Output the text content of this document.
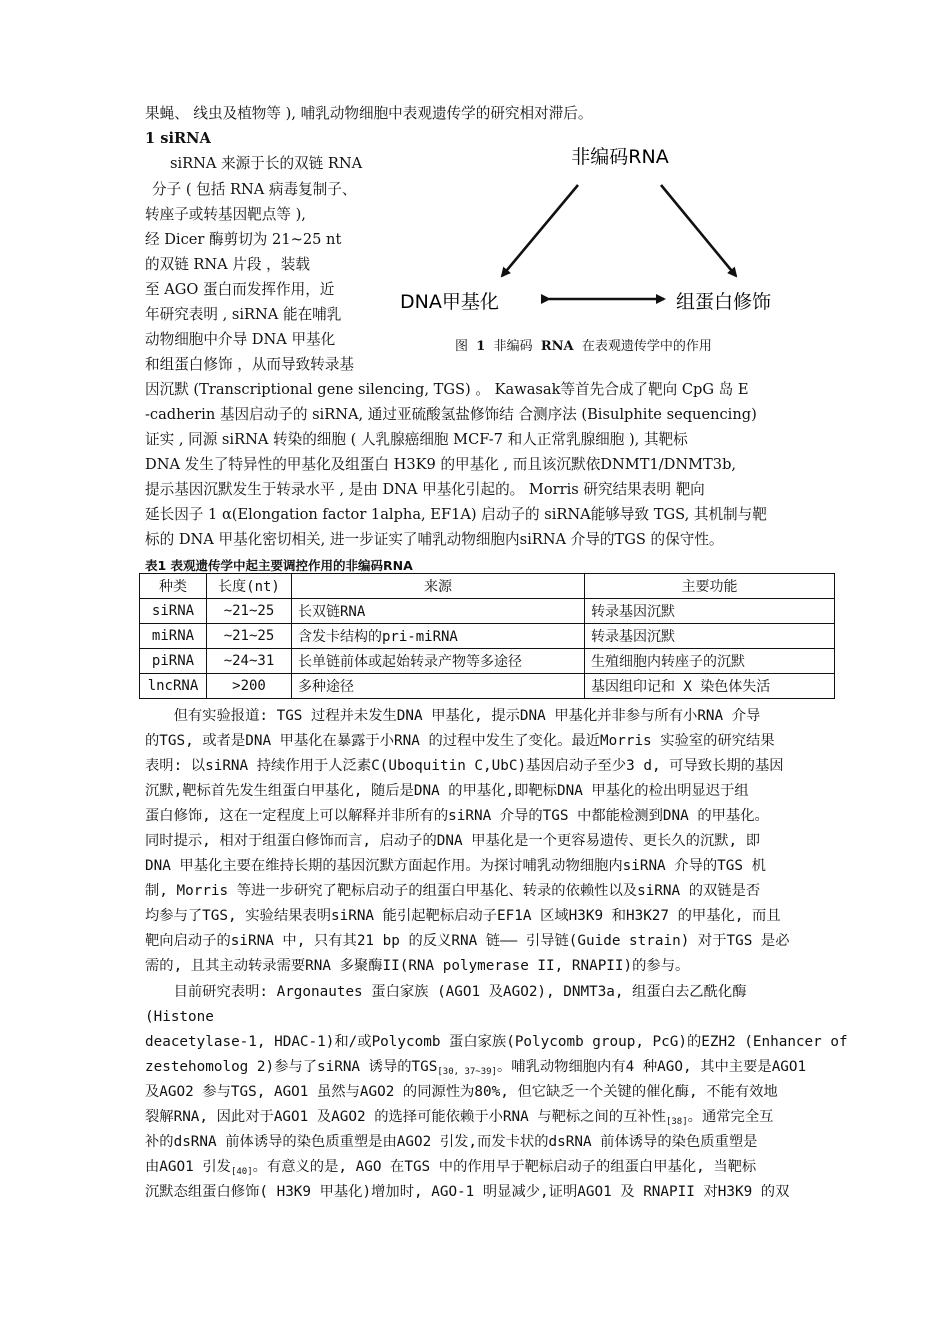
果蝇、 线虫及植物等 ), 哺乳动物细胞中表观遗传学的研究相对滞后。
1 siRNA
siRNA 来源于长的双链 RNA
分子 ( 包括 RNA 病毒复制子、
转座子或转基因靶点等 ),
经 Dicer 酶剪切为 21~25 nt
的双链 RNA 片段 ，装载
至 AGO 蛋白而发挥作用，近
年研究表明 , siRNA 能在哺乳
动物细胞中介导 DNA 甲基化
和组蛋白修饰 ，从而导致转录基
非编码RNA
DNA甲基化	组蛋白修饰
图 1 非编码 RNA 在表观遗传学中的作用
因沉默 (Transcriptional gene silencing, TGS) 。 Kawasak等首先合成了靶向 CpG 岛 E
-cadherin 基因启动子的 siRNA, 通过亚硫酸氢盐修饰结 合测序法 (Bisulphite sequencing)
证实 , 同源 siRNA 转染的细胞 ( 人乳腺癌细胞 MCF-7 和人正常乳腺细胞 ), 其靶标
DNA 发生了特异性的甲基化及组蛋白 H3K9 的甲基化 , 而且该沉默依DNMT1/DNMT3b,
提示基因沉默发生于转录水平 , 是由 DNA 甲基化引起的。 Morris 研究结果表明 靶向
延长因子 1 α(Elongation factor 1alpha, EF1A) 启动子的 siRNA能够导致 TGS, 其机制与靶
标的 DNA 甲基化密切相关, 进一步证实了哺乳动物细胞内siRNA 介导的TGS 的保守性。
表1 表观遗传学中起主要调控作用的非编码RNA
种类	长度(nt)	来源	主要功能
siRNA	~21~25	长双链RNA	转录基因沉默
miRNA	~21~25	含发卡结构的pri-miRNA	转录基因沉默
piRNA	~24~31	长单链前体或起始转录产物等多途径	生殖细胞内转座子的沉默
lncRNA	>200	多种途径	基因组印记和 X 染色体失活
　　但有实验报道: TGS 过程并未发生DNA 甲基化, 提示DNA 甲基化并非参与所有小RNA 介导
的TGS, 或者是DNA 甲基化在暴露于小RNA 的过程中发生了变化。最近Morris 实验室的研究结果
表明: 以siRNA 持续作用于人泛素C(Uboquitin C,UbC)基因启动子至少3 d, 可导致长期的基因
沉默,靶标首先发生组蛋白甲基化, 随后是DNA 的甲基化,即靶标DNA 甲基化的检出明显迟于组
蛋白修饰, 这在一定程度上可以解释并非所有的siRNA 介导的TGS 中都能检测到DNA 的甲基化。
同时提示, 相对于组蛋白修饰而言, 启动子的DNA 甲基化是一个更容易遗传、更长久的沉默, 即
DNA 甲基化主要在维持长期的基因沉默方面起作用。为探讨哺乳动物细胞内siRNA 介导的TGS 机
制, Morris 等进一步研究了靶标启动子的组蛋白甲基化、转录的依赖性以及siRNA 的双链是否
均参与了TGS, 实验结果表明siRNA 能引起靶标启动子EF1A 区域H3K9 和H3K27 的甲基化, 而且
靶向启动子的siRNA 中, 只有其21 bp 的反义RNA 链—— 引导链(Guide strain) 对于TGS 是必
需的, 且其主动转录需要RNA 多聚酶II(RNA polymerase II, RNAPII)的参与。
　　目前研究表明: Argonautes 蛋白家族 (AGO1 及AGO2), DNMT3a, 组蛋白去乙酰化酶
(Histone
deacetylase-1, HDAC-1)和/或Polycomb 蛋白家族(Polycomb group, PcG)的EZH2 (Enhancer of
zestehomolog 2)参与了siRNA 诱导的$TGS_{[30, 37\sim 39]}$。哺乳动物细胞内有4 种AGO, 其中主要是AGO1
及AGO2 参与TGS, AGO1 虽然与AGO2 的同源性为80%, 但它缺乏一个关键的催化酶, 不能有效地
裂解RNA, 因此对于AGO1 及AGO2 的选择可能依赖于小RNA 与靶标之间的互补性$_{[38]}$。通常完全互
补的dsRNA 前体诱导的染色质重塑是由AGO2 引发,而发卡状的dsRNA 前体诱导的染色质重塑是
由AGO1 引发$_{[40]}$。有意义的是, AGO 在TGS 中的作用早于靶标启动子的组蛋白甲基化, 当靶标
沉默态组蛋白修饰( H3K9 甲基化)增加时, AGO-1 明显减少,证明AGO1 及 RNAPII 对H3K9 的双
